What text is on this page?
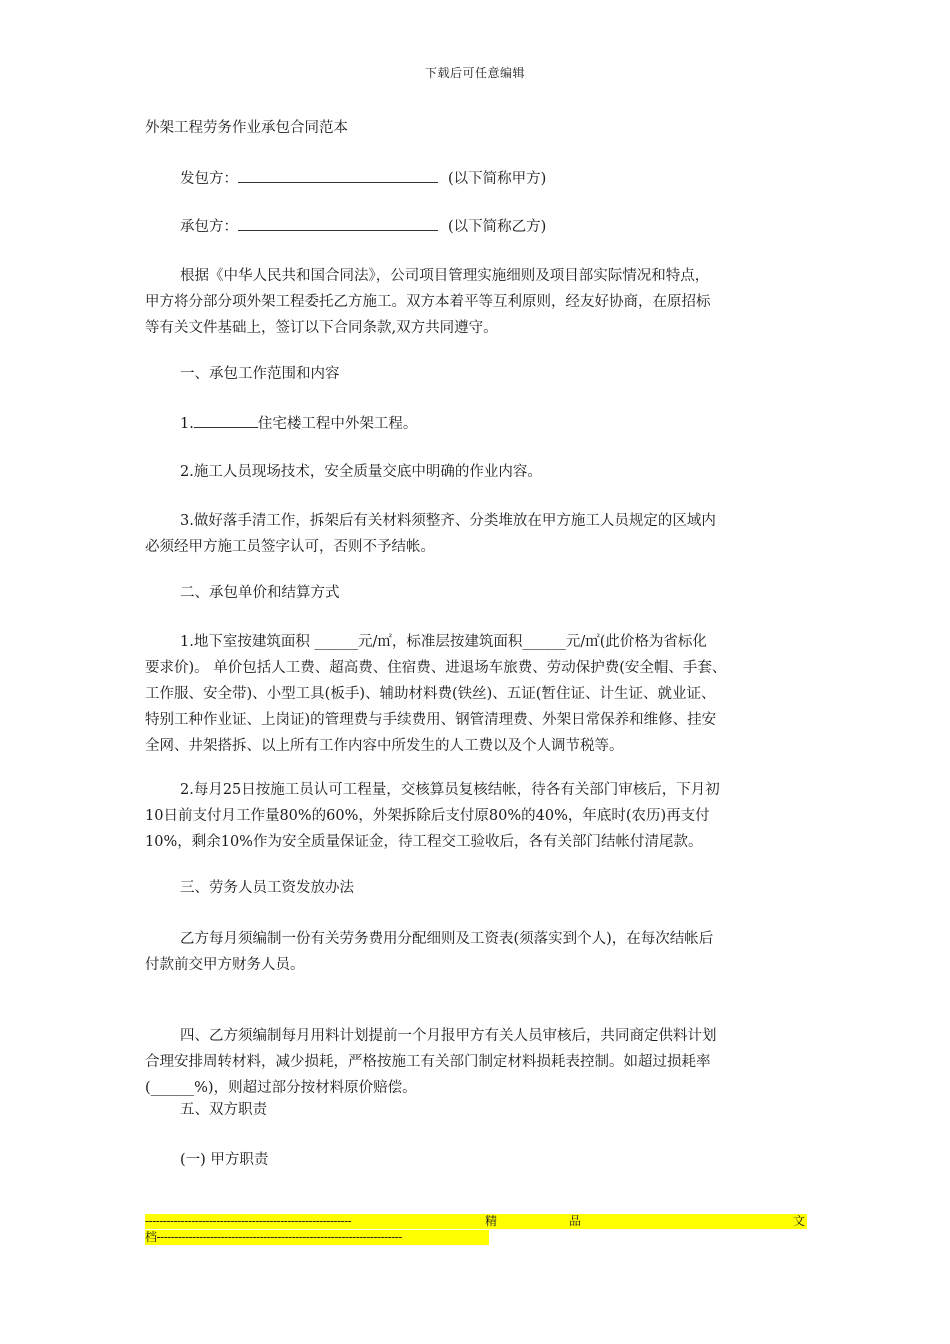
下载后可任意编辑
外架工程劳务作业承包合同范本
发包方：	(以下简称甲方)
承包方：	(以下简称乙方)
根据《中华人民共和国合同法》，公司项目管理实施细则及项目部实际情况和特点，
甲方将分部分项外架工程委托乙方施工。双方本着平等互利原则，经友好协商，在原招标
等有关文件基础上，签订以下合同条款,双方共同遵守。
一、承包工作范围和内容
1.	住宅楼工程中外架工程。
2.施工人员现场技术，安全质量交底中明确的作业内容。
3.做好落手清工作，拆架后有关材料须整齐、分类堆放在甲方施工人员规定的区域内
必须经甲方施工员签字认可，否则不予结帐。
二、承包单价和结算方式
1.地下室按建筑面积 ______元/㎡，标准层按建筑面积______元/㎡(此价格为省标化
要求价)。 单价包括人工费、超高费、住宿费、进退场车旅费、劳动保护费(安全帽、手套、
工作服、安全带)、小型工具(板手)、辅助材料费(铁丝)、五证(暂住证、计生证、就业证、
特别工种作业证、上岗证)的管理费与手续费用、钢管清理费、外架日常保养和维修、挂安
全网、井架搭拆、以上所有工作内容中所发生的人工费以及个人调节税等。
2.每月25日按施工员认可工程量，交核算员复核结帐，待各有关部门审核后，下月初
10日前支付月工作量80%的60%，外架拆除后支付原80%的40%，年底时(农历)再支付
10%，剩余10%作为安全质量保证金，待工程交工验收后，各有关部门结帐付清尾款。
三、劳务人员工资发放办法
乙方每月须编制一份有关劳务费用分配细则及工资表(须落实到个人)，在每次结帐后
付款前交甲方财务人员。
四、乙方须编制每月用料计划提前一个月报甲方有关人员审核后，共同商定供料计划
合理安排周转材料，减少损耗，严格按施工有关部门制定材料损耗表控制。如超过损耗率
(______%)，则超过部分按材料原价赔偿。
五、双方职责
(一) 甲方职责
----------------------------------------------------------	精	品	文
档---------------------------------------------------------------------
